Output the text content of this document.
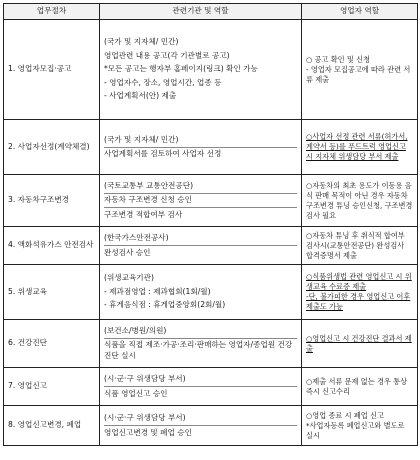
업무절차	관련기관 및 역할	영업자 역할
1. 영업자모집·공고	(국가 및 지자체/ 민간)
영업관련 내용 공고(각 기관별로 공고)
*모든 공고는 행자부 홈페이지(링크) 확인 가능
- 영업자수, 장소, 영업시간, 업종 등
- 사업계획서(안) 제출	○ 공고 확인 및 신청
- 영업자 모집공고에 따라 관련 서류 제출

2. 사업자선정(계약체결)	(국가 및 지자체/ 민간)
사업계획서를 검토하여 사업자 선정	○사업자 선정 관련 서류(허가서, 계약서 등)를 푸드트럭 영업신고 시 지자체 위생담당 부서 제출

3. 자동차구조변경	(국토교통부 교통안전공단)
자동차 구조변경 신청 승인
구조변경 적합여부 검사	○자동차의 최초 용도가 이동용 음식 판매 목적이 아닌 경우 자동차 구조변경 튜닝 승인신청, 구조변경검사 필요

4. 액화석유가스 안전검사	(한국가스안전공사)
완성검사 승인	○자동차 튜닝 후 취식적 합여부 검사시(교통안전공단) 완성검사 합격증명서 제출

5. 위생교육	(위생교육기관)
- 제과점영업 : 제과협회(1회/월)
- 휴게음식점 : 휴게업중앙회(2회/월)	○식품위생법 관련 영업신고 시 위생교육 수료증 제출
-단, 불가피한 경우 영업신고 이후 제출도 가능

6. 건강진단	(보건소/병원/의원)
식품을 직접 제조·가공·조리·판매하는 영업자/종업원 건강진단 실시	○영업신고 시 건강진단 결과서 제출

7. 영업신고	(시·군·구 위생담당 부서)
식품 영업신고 승인	○제출 서류 문제 없는 경우 통상 즉시 신고수리

8. 영업신고변경, 폐업	(시·군·구 위생담당 부서)
영업신고변경 및 폐업 승인	○영업 종료 시 폐업 신고
*사업자등록 폐업신고와 별도로 실시
